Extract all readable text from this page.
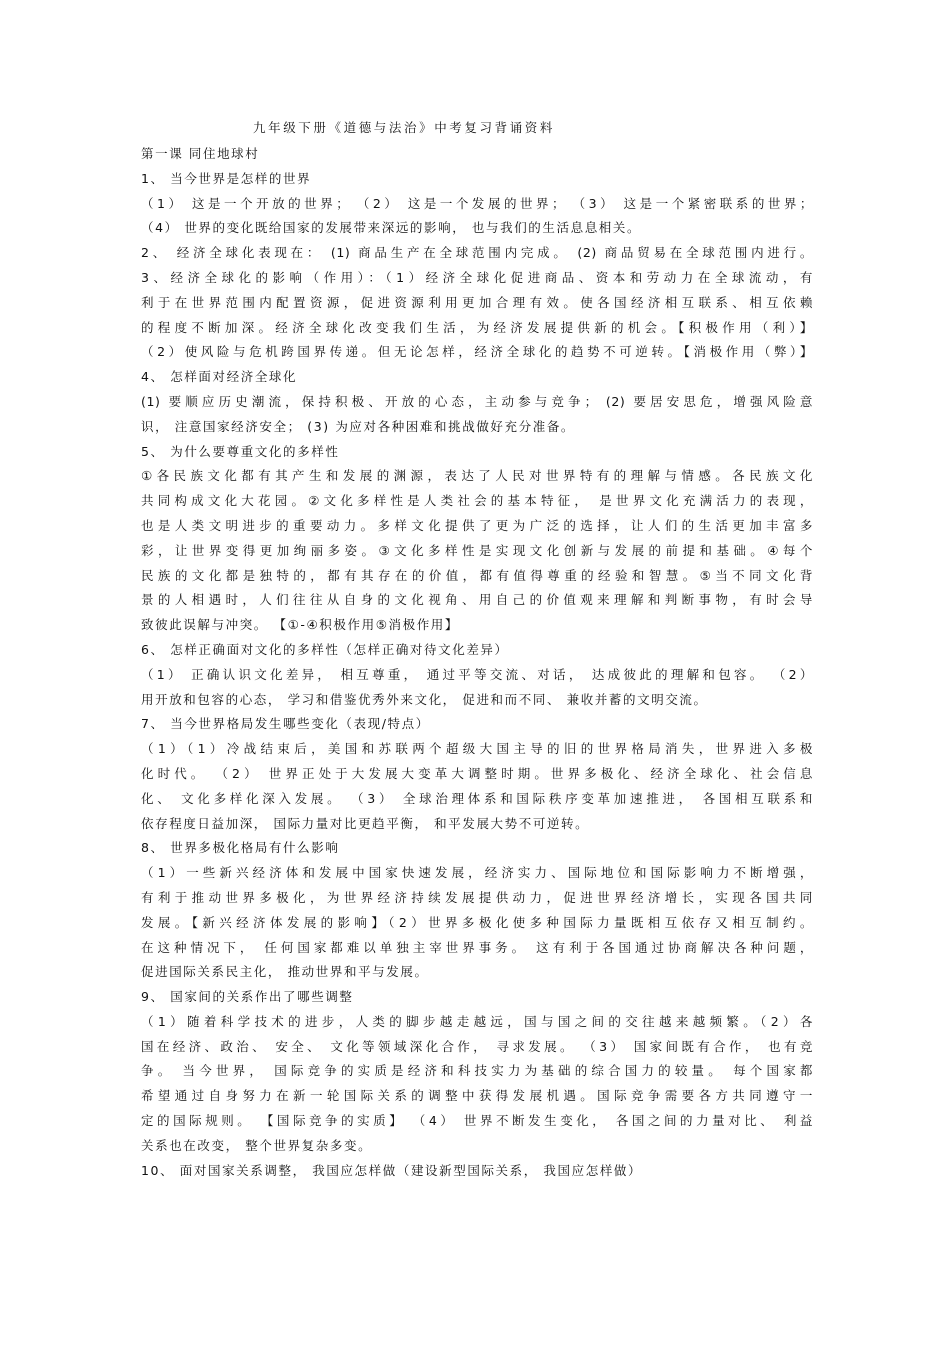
九年级下册《道德与法治》中考复习背诵资料
第一课 同住地球村
1、 当今世界是怎样的世界
（1） 这是一个开放的世界； （2） 这是一个发展的世界； （3） 这是一个紧密联系的世界；
（4） 世界的变化既给国家的发展带来深远的影响， 也与我们的生活息息相关。
2、 经济全球化表现在： (1) 商品生产在全球范围内完成。 (2) 商品贸易在全球范围内进行。
3、经济全球化的影响（作用）：（1）经济全球化促进商品、资本和劳动力在全球流动，有
利于在世界范围内配置资源，促进资源利用更加合理有效。使各国经济相互联系、相互依赖
的程度不断加深。经济全球化改变我们生活，为经济发展提供新的机会。【积极作用（利）】
（2）使风险与危机跨国界传递。但无论怎样，经济全球化的趋势不可逆转。【消极作用（弊）】
4、 怎样面对经济全球化
(1) 要顺应历史潮流，保持积极、开放的心态，主动参与竞争； (2) 要居安思危，增强风险意
识， 注意国家经济安全； (3) 为应对各种困难和挑战做好充分准备。
5、 为什么要尊重文化的多样性
①各民族文化都有其产生和发展的渊源，表达了人民对世界特有的理解与情感。各民族文化
共同构成文化大花园。②文化多样性是人类社会的基本特征， 是世界文化充满活力的表现，
也是人类文明进步的重要动力。多样文化提供了更为广泛的选择，让人们的生活更加丰富多
彩，让世界变得更加绚丽多姿。③文化多样性是实现文化创新与发展的前提和基础。④每个
民族的文化都是独特的，都有其存在的价值，都有值得尊重的经验和智慧。⑤当不同文化背
景的人相遇时，人们往往从自身的文化视角、用自己的价值观来理解和判断事物，有时会导
致彼此误解与冲突。 【①-④积极作用⑤消极作用】
6、 怎样正确面对文化的多样性（怎样正确对待文化差异）
（1） 正确认识文化差异， 相互尊重， 通过平等交流、对话， 达成彼此的理解和包容。 （2）
用开放和包容的心态， 学习和借鉴优秀外来文化， 促进和而不同、 兼收并蓄的文明交流。
7、 当今世界格局发生哪些变化（表现/特点）
（1）（1）冷战结束后，美国和苏联两个超级大国主导的旧的世界格局消失，世界进入多极
化时代。 （2） 世界正处于大发展大变革大调整时期。世界多极化、经济全球化、社会信息
化、 文化多样化深入发展。 （3） 全球治理体系和国际秩序变革加速推进， 各国相互联系和
依存程度日益加深， 国际力量对比更趋平衡， 和平发展大势不可逆转。
8、 世界多极化格局有什么影响
（1）一些新兴经济体和发展中国家快速发展，经济实力、国际地位和国际影响力不断增强，
有利于推动世界多极化，为世界经济持续发展提供动力，促进世界经济增长，实现各国共同
发展。【新兴经济体发展的影响】（2）世界多极化使多种国际力量既相互依存又相互制约。
在这种情况下， 任何国家都难以单独主宰世界事务。 这有利于各国通过协商解决各种问题，
促进国际关系民主化， 推动世界和平与发展。
9、 国家间的关系作出了哪些调整
（1）随着科学技术的进步，人类的脚步越走越远，国与国之间的交往越来越频繁。（2）各
国在经济、政治、 安全、 文化等领域深化合作， 寻求发展。 （3） 国家间既有合作， 也有竞
争。 当今世界， 国际竞争的实质是经济和科技实力为基础的综合国力的较量。 每个国家都
希望通过自身努力在新一轮国际关系的调整中获得发展机遇。国际竞争需要各方共同遵守一
定的国际规则。 【国际竞争的实质】 （4） 世界不断发生变化， 各国之间的力量对比、 利益
关系也在改变， 整个世界复杂多变。
10、 面对国家关系调整， 我国应怎样做（建设新型国际关系， 我国应怎样做）
